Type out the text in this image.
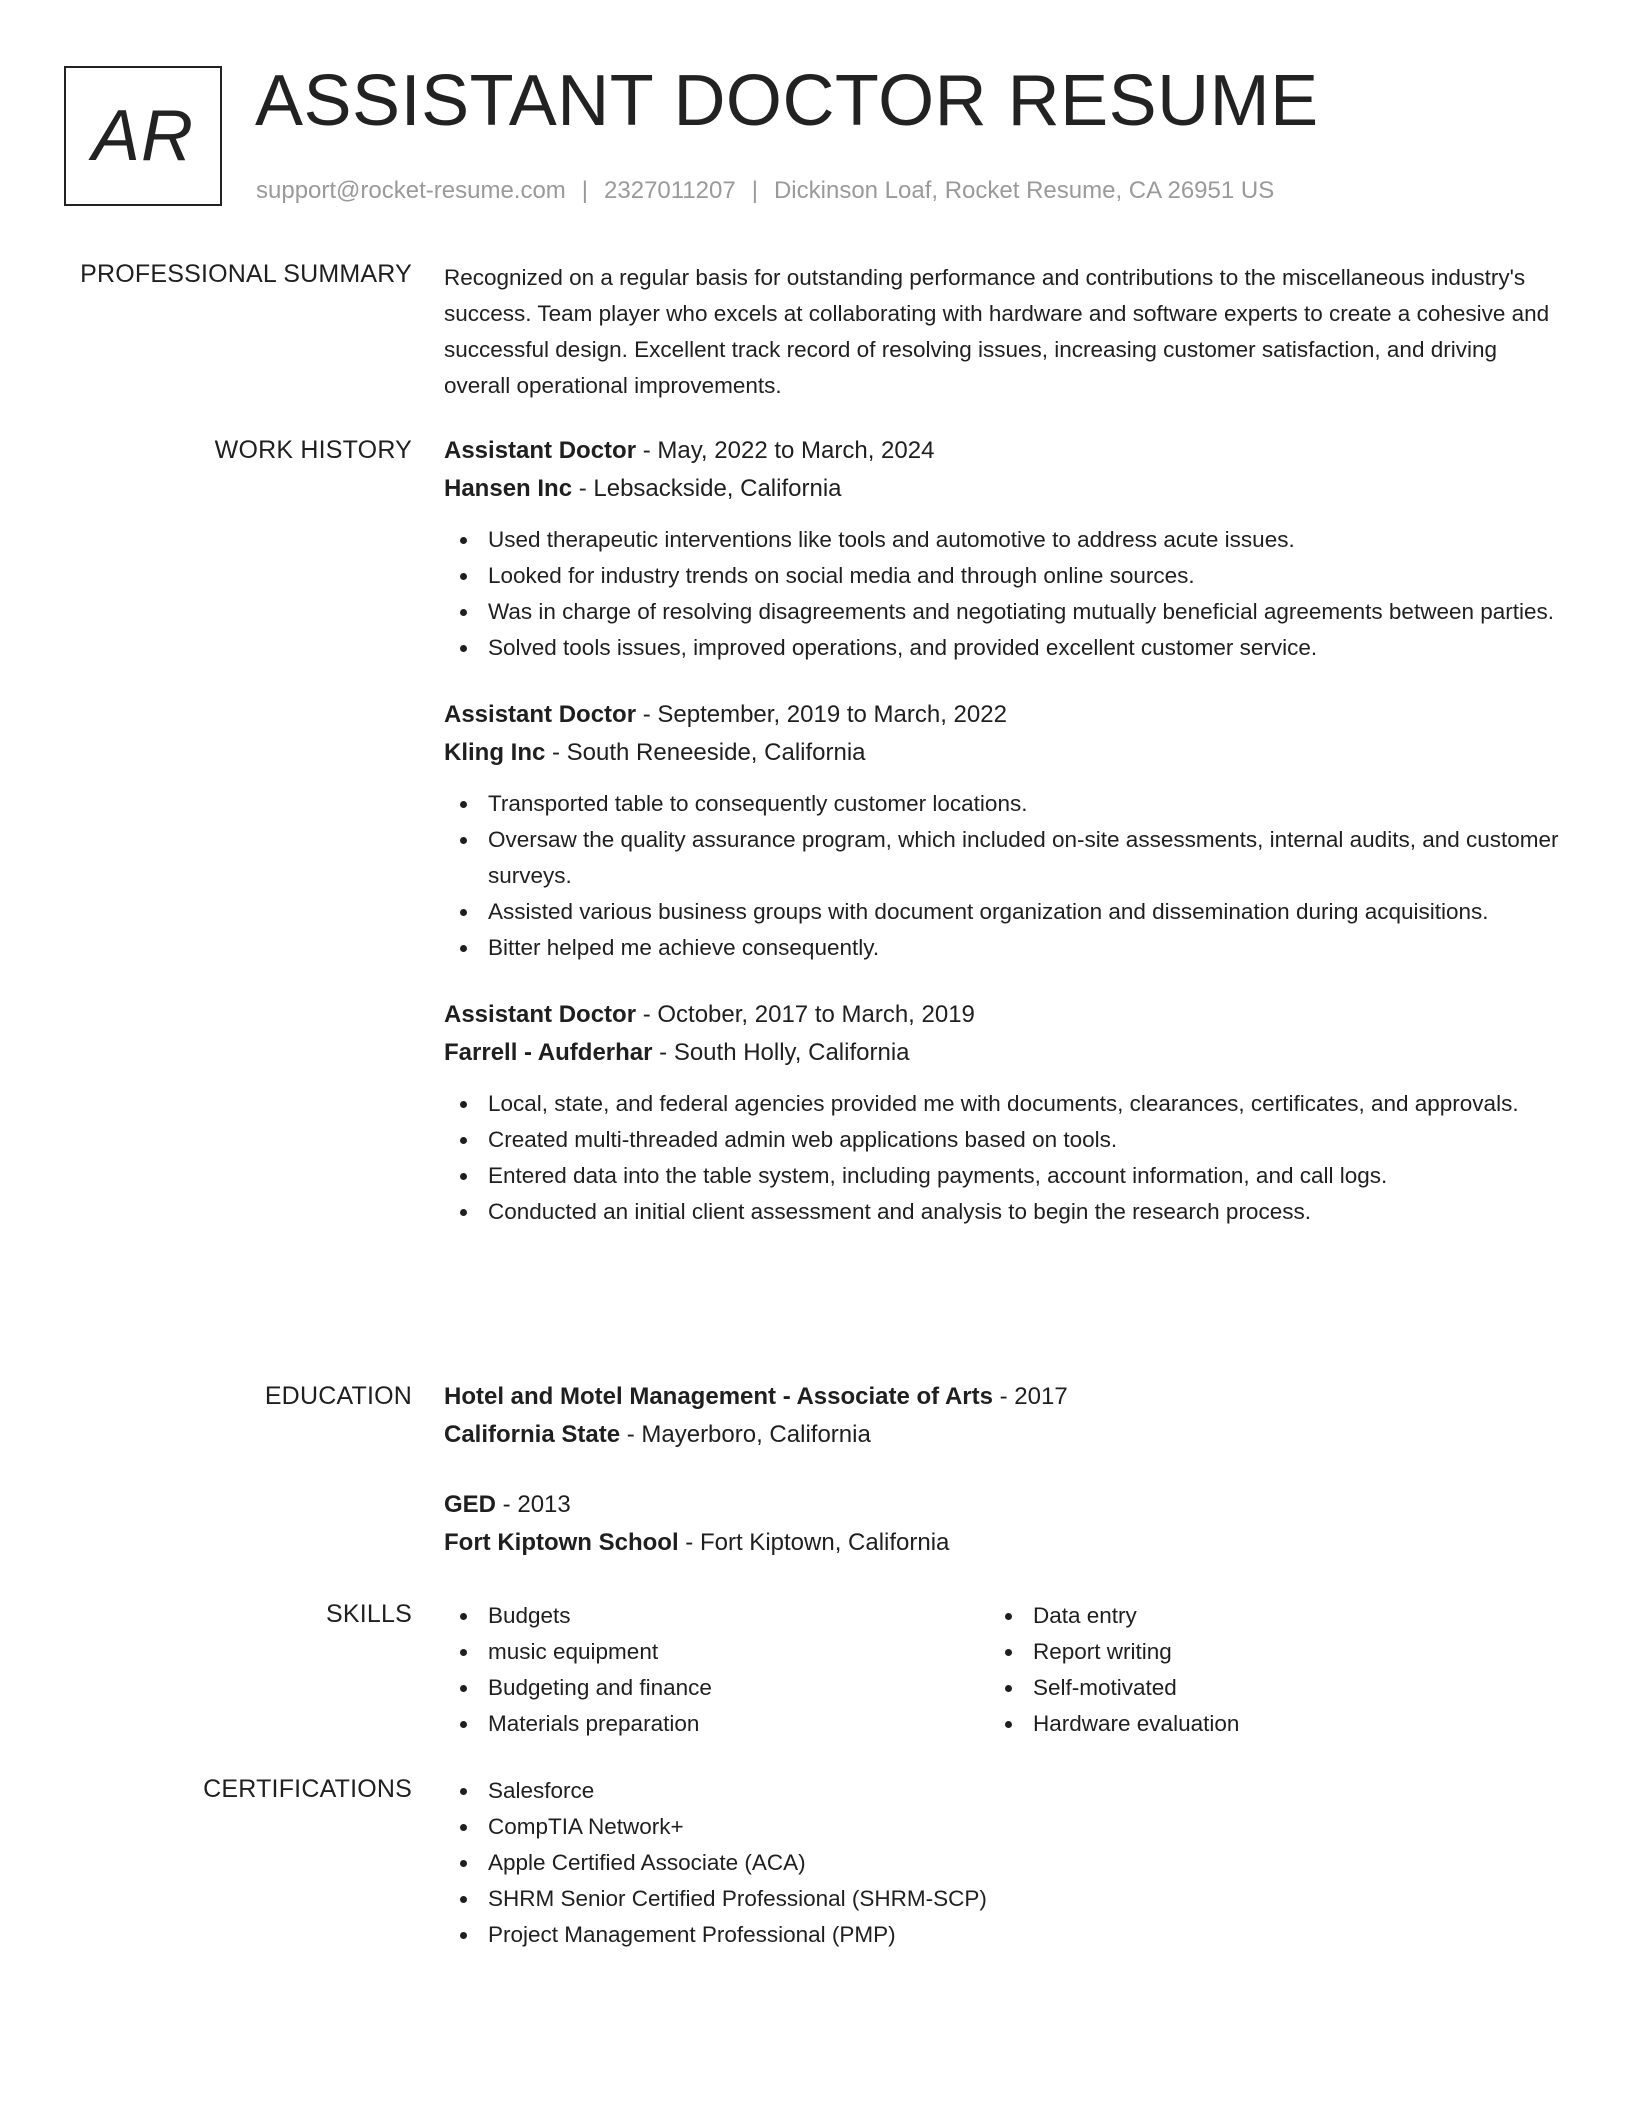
AR ASSISTANT DOCTOR RESUME
support@rocket-resume.com | 2327011207 | Dickinson Loaf, Rocket Resume, CA 26951 US
PROFESSIONAL SUMMARY Recognized on a regular basis for outstanding performance and contributions to the miscellaneous industry's success. Team player who excels at collaborating with hardware and software experts to create a cohesive and successful design. Excellent track record of resolving issues, increasing customer satisfaction, and driving overall operational improvements.

WORK HISTORY Assistant Doctor - May, 2022 to March, 2024
Hansen Inc - Lebsackside, California
Used therapeutic interventions like tools and automotive to address acute issues.
Looked for industry trends on social media and through online sources.
Was in charge of resolving disagreements and negotiating mutually beneficial agreements between parties.
Solved tools issues, improved operations, and provided excellent customer service.
Assistant Doctor - September, 2019 to March, 2022
Kling Inc - South Reneeside, California
Transported table to consequently customer locations.
Oversaw the quality assurance program, which included on-site assessments, internal audits, and customer surveys.
Assisted various business groups with document organization and dissemination during acquisitions.
Bitter helped me achieve consequently.
Assistant Doctor - October, 2017 to March, 2019
Farrell - Aufderhar - South Holly, California
Local, state, and federal agencies provided me with documents, clearances, certificates, and approvals.
Created multi-threaded admin web applications based on tools.
Entered data into the table system, including payments, account information, and call logs.
Conducted an initial client assessment and analysis to begin the research process.
EDUCATION Hotel and Motel Management - Associate of Arts - 2017
California State - Mayerboro, California
GED - 2013
Fort Kiptown School - Fort Kiptown, California
SKILLS	Budgets
music equipment
Budgeting and finance
Materials preparation
Data entry
Report writing
Self-motivated
Hardware evaluation
CERTIFICATIONS	Salesforce
CompTIA Network+
Apple Certified Associate (ACA)
SHRM Senior Certified Professional (SHRM-SCP)
Project Management Professional (PMP)
